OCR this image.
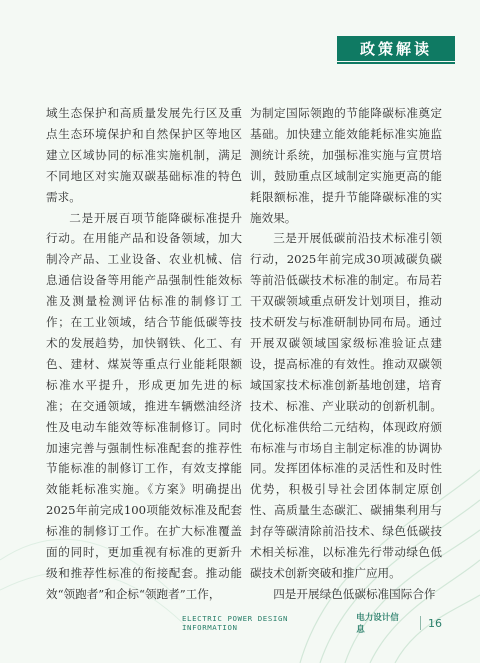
政策解读

域生态保护和高质量发展先行区及重点生态环境保护和自然保护区等地区建立区域协同的标准实施机制，满足不同地区对实施双碳基础标准的特色需求。

二是开展百项节能降碳标准提升行动。在用能产品和设备领域，加大制冷产品、工业设备、农业机械、信息通信设备等用能产品强制性能效标准及测量检测评估标准的制修订工作；在工业领域，结合节能低碳等技术的发展趋势，加快钢铁、化工、有色、建材、煤炭等重点行业能耗限额标准水平提升，形成更加先进的标准；在交通领域，推进车辆燃油经济性及电动车能效等标准制修订。同时加速完善与强制性标准配套的推荐性节能标准的制修订工作，有效支撑能效能耗标准实施。《方案》明确提出2025年前完成100项能效标准及配套标准的制修订工作。在扩大标准覆盖面的同时，更加重视有标准的更新升级和推荐性标准的衔接配套。推动能效“领跑者”和企标“领跑者”工作，

为制定国际领跑的节能降碳标准奠定基础。加快建立能效能耗标准实施监测统计系统，加强标准实施与宣贯培训，鼓励重点区域制定实施更高的能耗限额标准，提升节能降碳标准的实施效果。

三是开展低碳前沿技术标准引领行动，2025年前完成30项减碳负碳等前沿低碳技术标准的制定。布局若干双碳领域重点研发计划项目，推动技术研发与标准研制协同布局。通过开展双碳领域国家级标准验证点建设，提高标准的有效性。推动双碳领域国家技术标准创新基地创建，培育技术、标准、产业联动的创新机制。优化标准供给二元结构，体现政府颁布标准与市场自主制定标准的协调协同。发挥团体标准的灵活性和及时性优势，积极引导社会团体制定原创性、高质量生态碳汇、碳捕集利用与封存等碳清除前沿技术、绿色低碳技术相关标准，以标准先行带动绿色低碳技术创新突破和推广应用。

四是开展绿色低碳标准国际合作

ELECTRIC POWER DESIGN INFORMATION
电力设计信息
16
